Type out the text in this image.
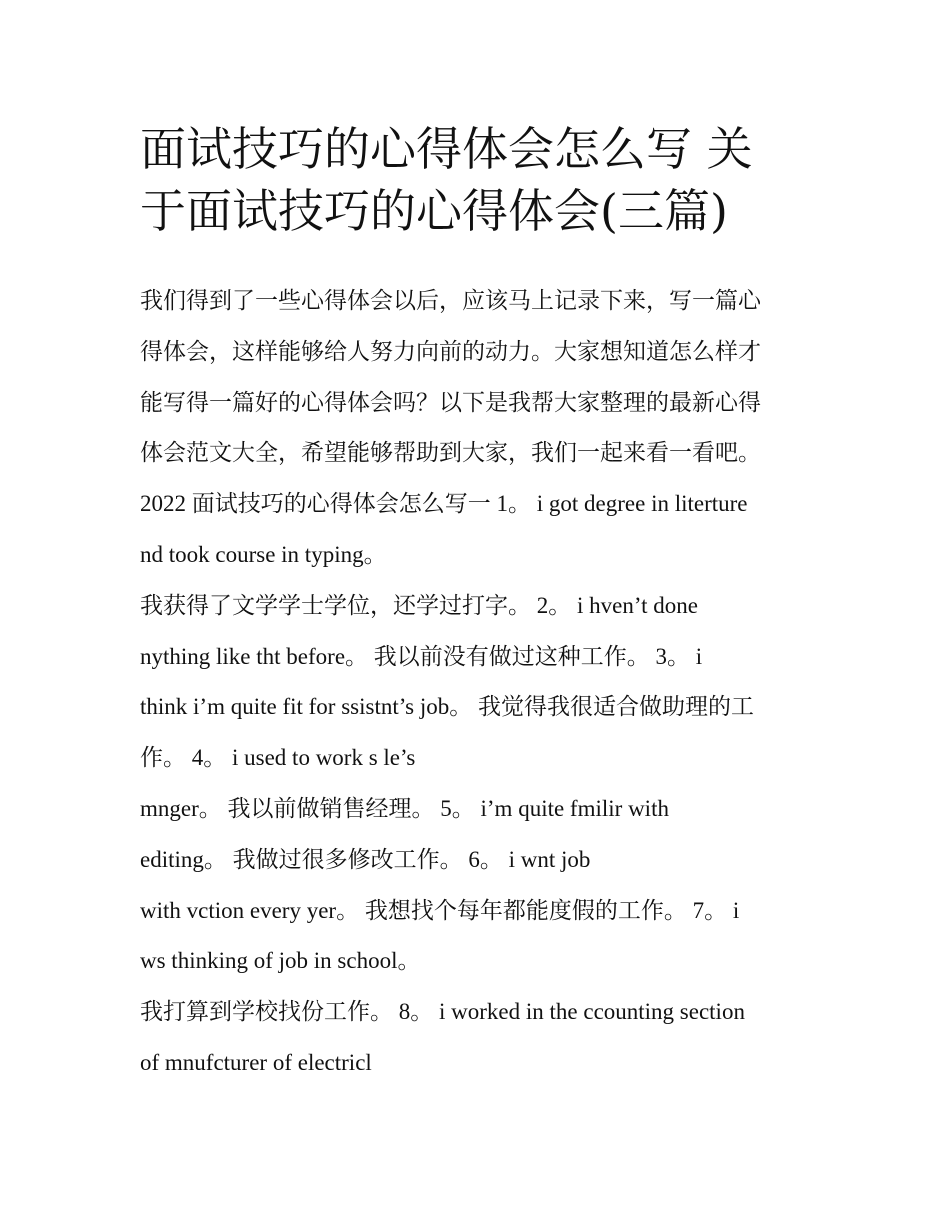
面试技巧的心得体会怎么写 关
于面试技巧的心得体会(三篇)

我们得到了一些心得体会以后，应该马上记录下来，写一篇心
得体会，这样能够给人努力向前的动力。大家想知道怎么样才
能写得一篇好的心得体会吗？以下是我帮大家整理的最新心得
体会范文大全，希望能够帮助到大家，我们一起来看一看吧。
2022 面试技巧的心得体会怎么写一 1。 i got degree in literture
nd took course in typing。

我获得了文学学士学位，还学过打字。 2。 i hven’t done
nything like tht before。 我以前没有做过这种工作。 3。 i
think i’m quite fit for ssistnt’s job。 我觉得我很适合做助理的工
作。 4。 i used to work s le’s
mnger。 我以前做销售经理。 5。 i’m quite fmilir with
editing。 我做过很多修改工作。 6。 i wnt job
with vction every yer。 我想找个每年都能度假的工作。 7。 i
ws thinking of job in school。

我打算到学校找份工作。 8。 i worked in the ccounting section
of mnufcturer of electricl
